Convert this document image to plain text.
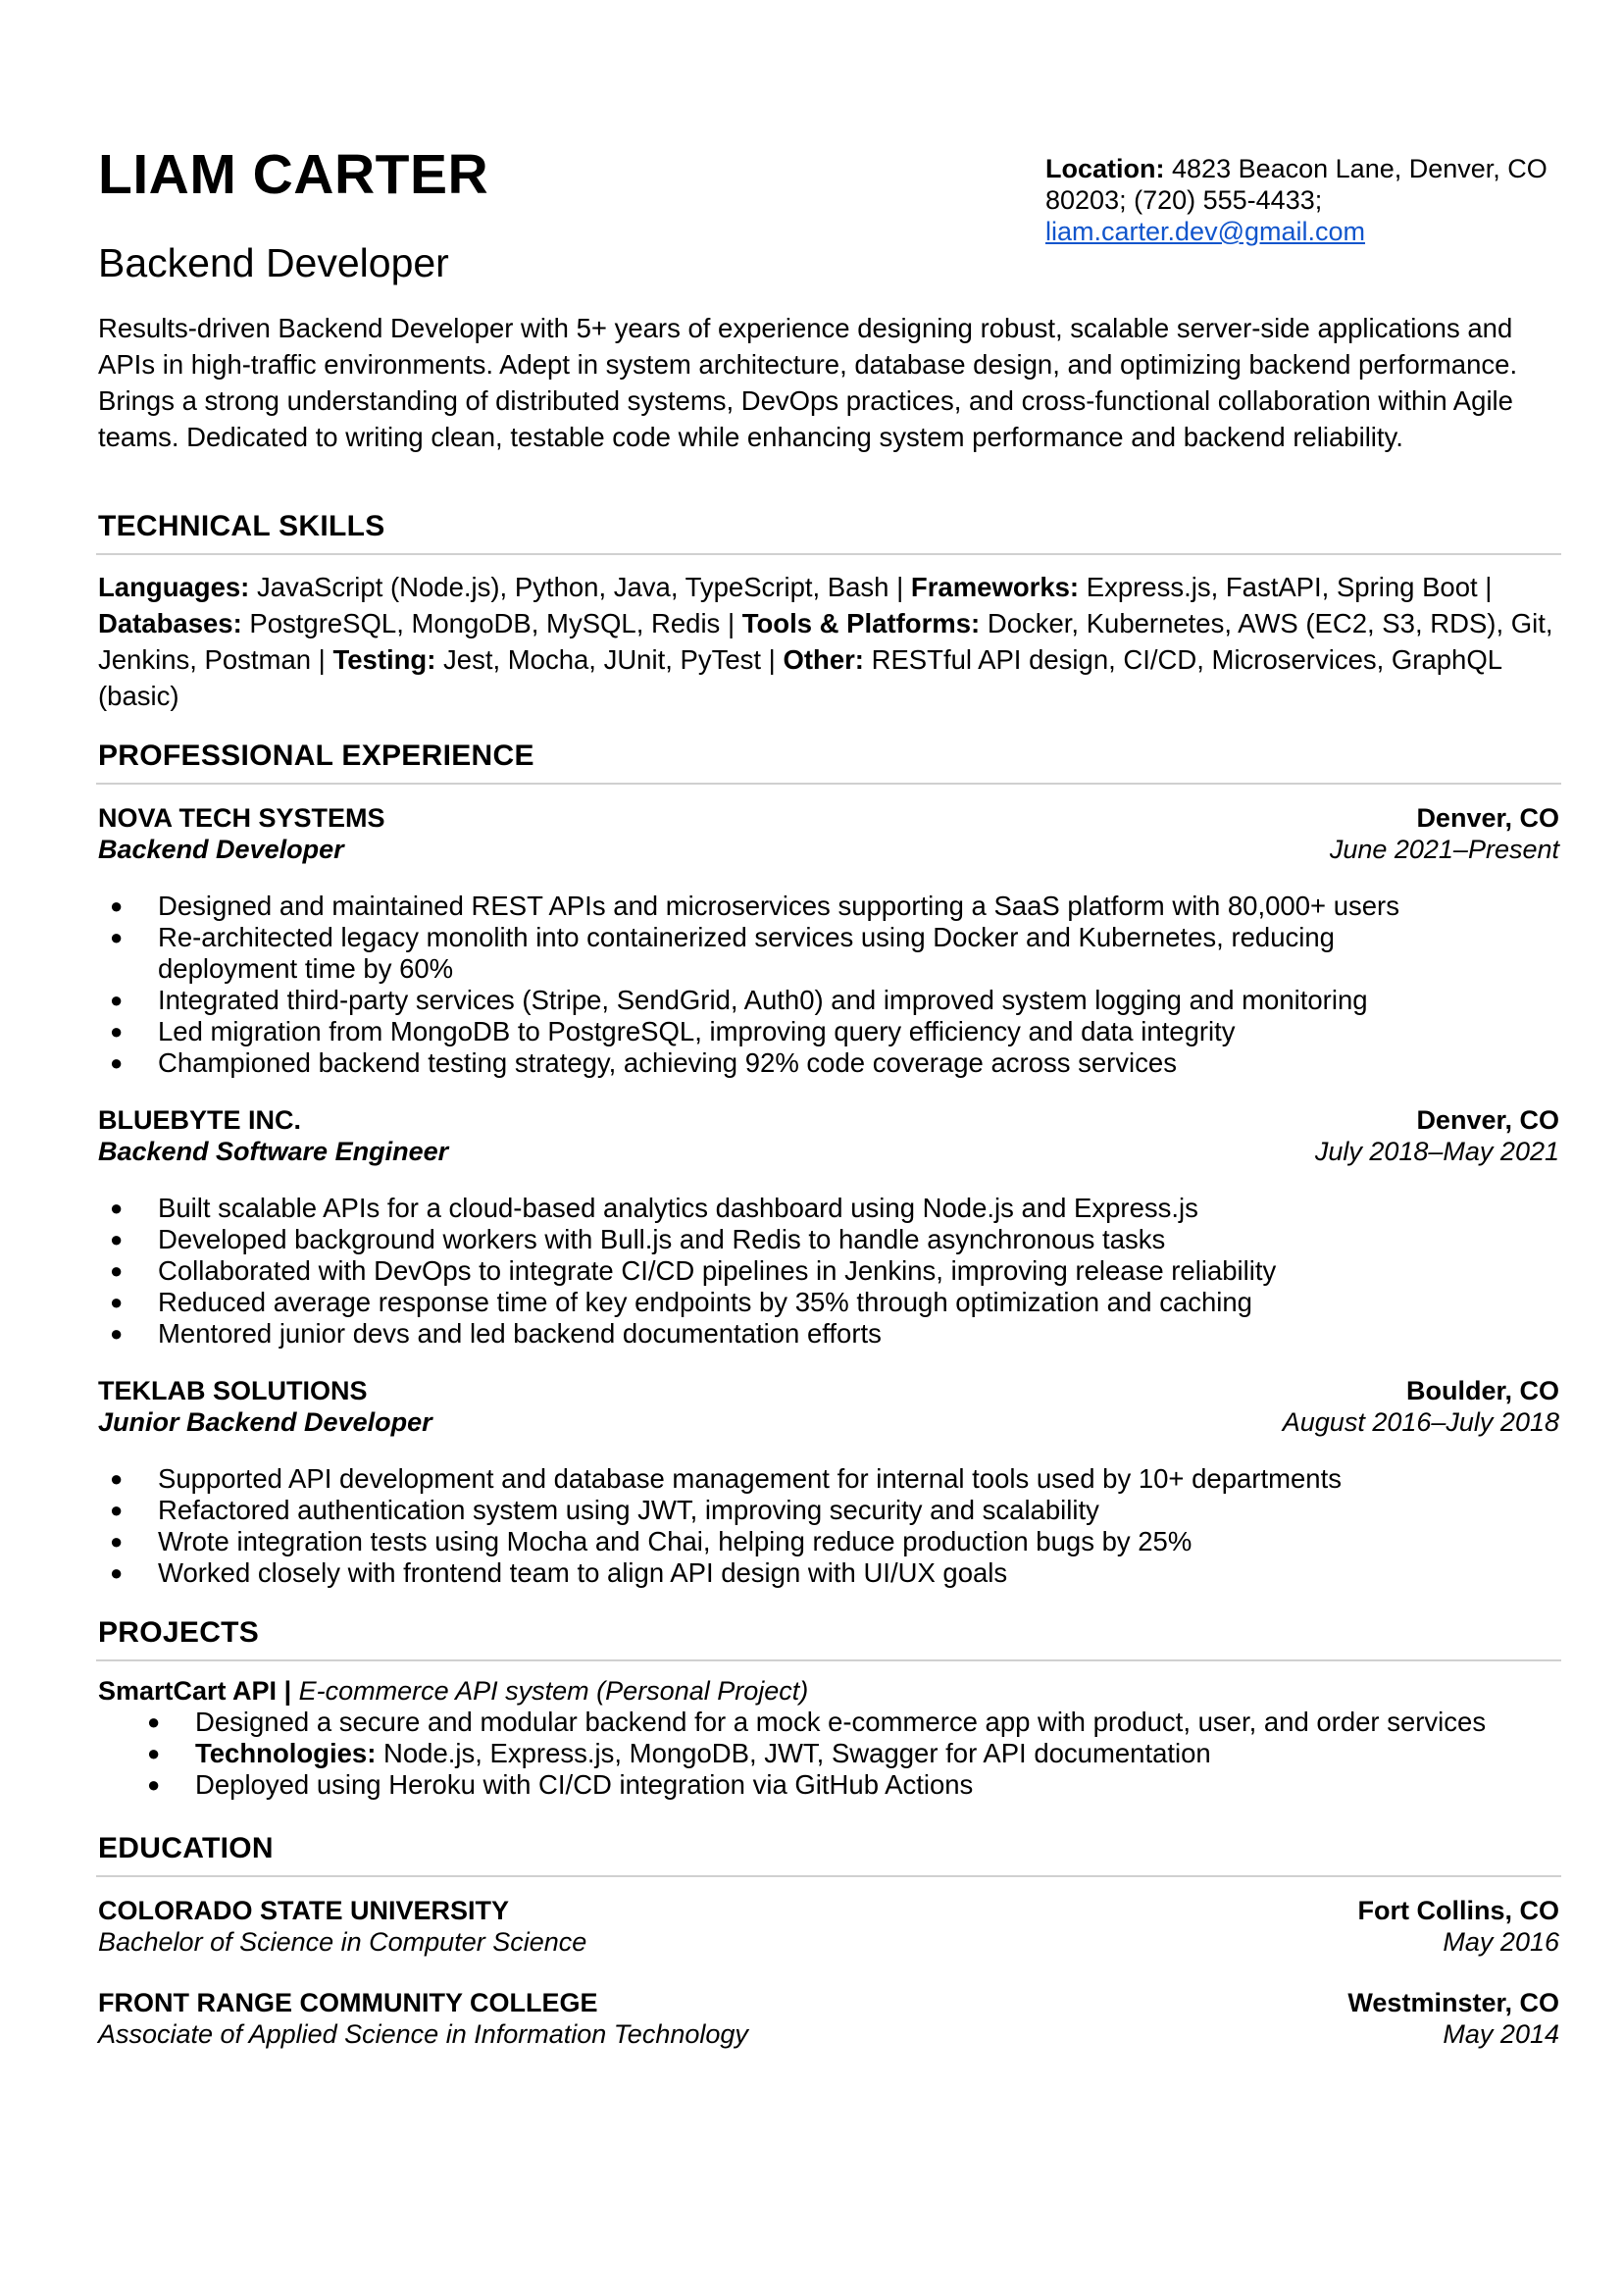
LIAM CARTER
Backend Developer
Location: 4823 Beacon Lane, Denver, CO 80203; (720) 555-4433;
liam.carter.dev@gmail.com
Results-driven Backend Developer with 5+ years of experience designing robust, scalable server-side applications and APIs in high-traffic environments. Adept in system architecture, database design, and optimizing backend performance. Brings a strong understanding of distributed systems, DevOps practices, and cross-functional collaboration within Agile teams. Dedicated to writing clean, testable code while enhancing system performance and backend reliability.
TECHNICAL SKILLS
Languages: JavaScript (Node.js), Python, Java, TypeScript, Bash | Frameworks: Express.js, FastAPI, Spring Boot | Databases: PostgreSQL, MongoDB, MySQL, Redis | Tools & Platforms: Docker, Kubernetes, AWS (EC2, S3, RDS), Git, Jenkins, Postman | Testing: Jest, Mocha, JUnit, PyTest | Other: RESTful API design, CI/CD, Microservices, GraphQL (basic)
PROFESSIONAL EXPERIENCE
NOVA TECH SYSTEMS	Denver, CO
Backend Developer	June 2021–Present
● Designed and maintained REST APIs and microservices supporting a SaaS platform with 80,000+ users
● Re-architected legacy monolith into containerized services using Docker and Kubernetes, reducing deployment time by 60%
● Integrated third-party services (Stripe, SendGrid, Auth0) and improved system logging and monitoring
● Led migration from MongoDB to PostgreSQL, improving query efficiency and data integrity
● Championed backend testing strategy, achieving 92% code coverage across services
BLUEBYTE INC.	Denver, CO
Backend Software Engineer	July 2018–May 2021
● Built scalable APIs for a cloud-based analytics dashboard using Node.js and Express.js
● Developed background workers with Bull.js and Redis to handle asynchronous tasks
● Collaborated with DevOps to integrate CI/CD pipelines in Jenkins, improving release reliability
● Reduced average response time of key endpoints by 35% through optimization and caching
● Mentored junior devs and led backend documentation efforts
TEKLAB SOLUTIONS	Boulder, CO
Junior Backend Developer	August 2016–July 2018
● Supported API development and database management for internal tools used by 10+ departments
● Refactored authentication system using JWT, improving security and scalability
● Wrote integration tests using Mocha and Chai, helping reduce production bugs by 25%
● Worked closely with frontend team to align API design with UI/UX goals
PROJECTS
SmartCart API | E-commerce API system (Personal Project)
● Designed a secure and modular backend for a mock e-commerce app with product, user, and order services
● Technologies: Node.js, Express.js, MongoDB, JWT, Swagger for API documentation
● Deployed using Heroku with CI/CD integration via GitHub Actions
EDUCATION
COLORADO STATE UNIVERSITY	Fort Collins, CO
Bachelor of Science in Computer Science	May 2016
FRONT RANGE COMMUNITY COLLEGE	Westminster, CO
Associate of Applied Science in Information Technology	May 2014
